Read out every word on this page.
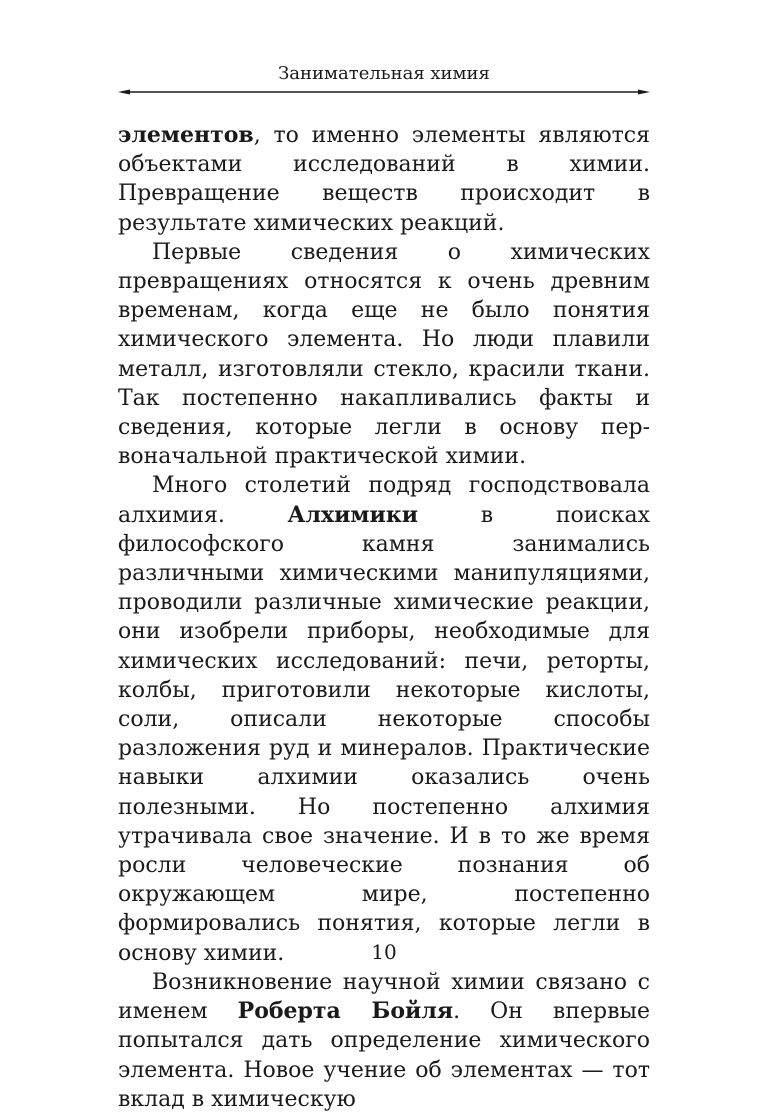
Занимательная химия

элементов, то именно элементы являются объектами исследований в химии. Превращение веществ происходит в результате химических реакций.

Первые сведения о химических превращениях относятся к очень древним временам, когда еще не было понятия химического элемента. Но люди плавили металл, изготовляли стекло, красили ткани. Так постепенно накапливались факты и сведения, которые легли в основу первоначальной практической химии.

Много столетий подряд господствовала алхимия. Алхимики в поисках философского камня занимались различными химическими манипуляциями, проводили различные химические реакции, они изобрели приборы, необходимые для химических исследований: печи, реторты, колбы, приготовили некоторые кислоты, соли, описали некоторые способы разложения руд и минералов. Практические навыки алхимии оказались очень полезными. Но постепенно алхимия утрачивала свое значение. И в то же время росли человеческие познания об окружающем мире, постепенно формировались понятия, которые легли в основу химии.

Возникновение научной химии связано с именем Роберта Бойля. Он впервые попытался дать определение химического элемента. Новое учение об элементах — тот вклад в химическую

10
